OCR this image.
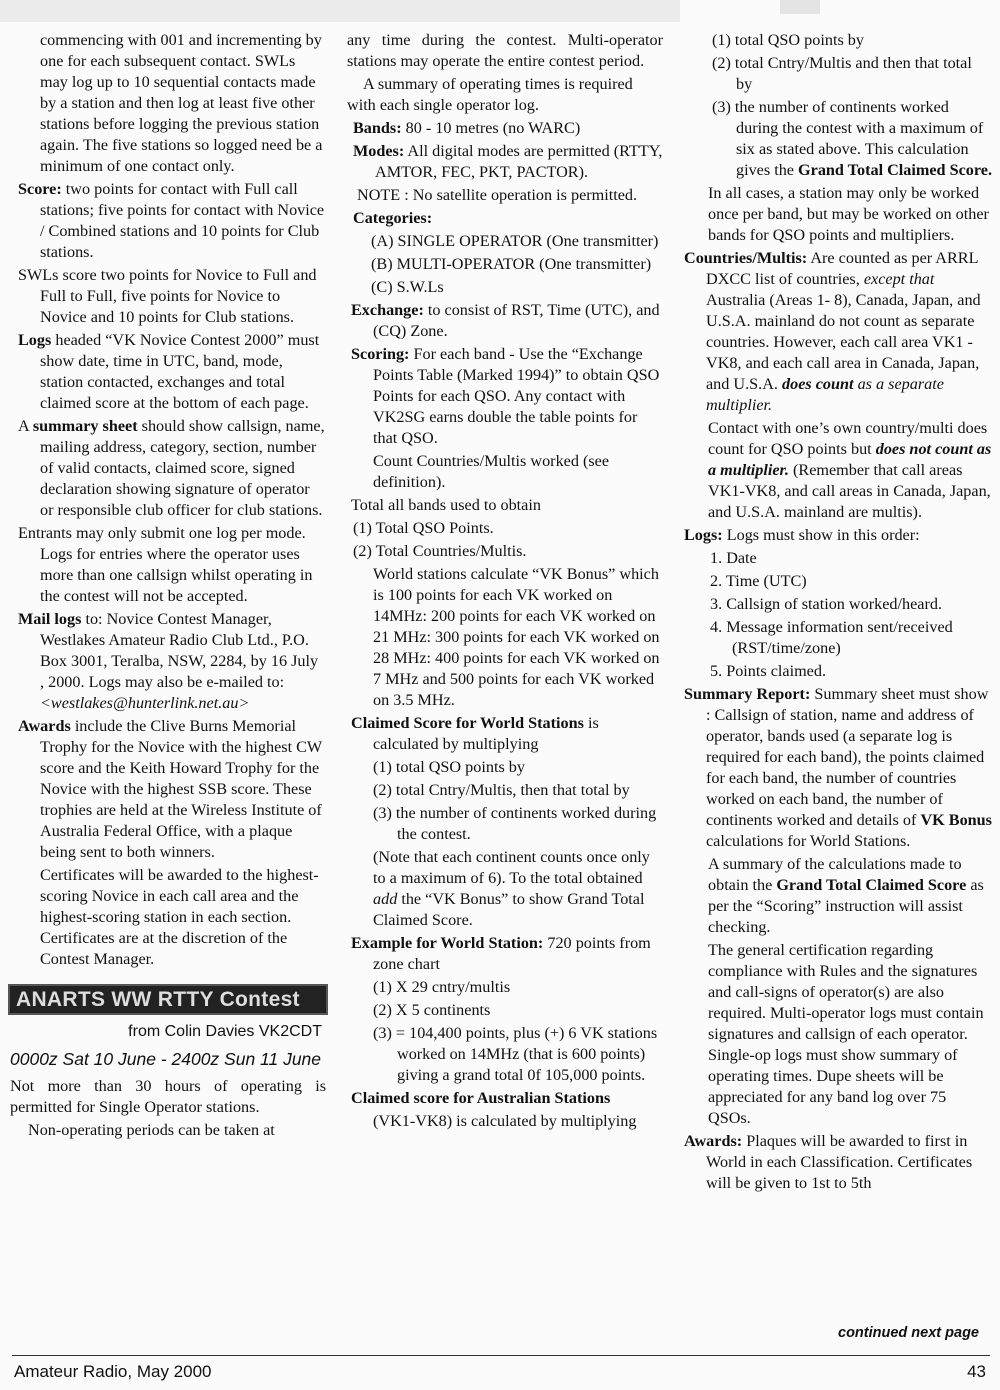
commencing with 001 and incrementing by one for each subsequent contact. SWLs may log up to 10 sequential contacts made by a station and then log at least five other stations before logging the previous station again. The five stations so logged need be a minimum of one contact only.

Score: two points for contact with Full call stations; five points for contact with Novice / Combined stations and 10 points for Club stations.

SWLs score two points for Novice to Full and Full to Full, five points for Novice to Novice and 10 points for Club stations.

Logs headed “VK Novice Contest 2000” must show date, time in UTC, band, mode, station contacted, exchanges and total claimed score at the bottom of each page.

A summary sheet should show callsign, name, mailing address, category, section, number of valid contacts, claimed score, signed declaration showing signature of operator or responsible club officer for club stations.

Entrants may only submit one log per mode. Logs for entries where the operator uses more than one callsign whilst operating in the contest will not be accepted.

Mail logs to: Novice Contest Manager, Westlakes Amateur Radio Club Ltd., P.O. Box 3001, Teralba, NSW, 2284, by 16 July , 2000. Logs may also be e-mailed to: <westlakes@hunterlink.net.au>

Awards include the Clive Burns Memorial Trophy for the Novice with the highest CW score and the Keith Howard Trophy for the Novice with the highest SSB score. These trophies are held at the Wireless Institute of Australia Federal Office, with a plaque being sent to both winners.

Certificates will be awarded to the highest-scoring Novice in each call area and the highest-scoring station in each section. Certificates are at the discretion of the Contest Manager.

ANARTS WW RTTY Contest
from Colin Davies VK2CDT
0000z Sat 10 June - 2400z Sun 11 June

Not more than 30 hours of operating is permitted for Single Operator stations.

Non-operating periods can be taken at

any time during the contest. Multi-operator stations may operate the entire contest period.

A summary of operating times is required with each single operator log.

Bands: 80 - 10 metres (no WARC)

Modes: All digital modes are permitted (RTTY, AMTOR, FEC, PKT, PACTOR).

NOTE : No satellite operation is permitted.

Categories:

(A) SINGLE OPERATOR (One transmitter)

(B) MULTI-OPERATOR (One transmitter)

(C) S.W.Ls

Exchange: to consist of RST, Time (UTC), and (CQ) Zone.

Scoring: For each band - Use the “Exchange Points Table (Marked 1994)” to obtain QSO Points for each QSO. Any contact with VK2SG earns double the table points for that QSO.

Count Countries/Multis worked (see definition).

Total all bands used to obtain

(1) Total QSO Points.

(2) Total Countries/Multis.

World stations calculate “VK Bonus” which is 100 points for each VK worked on 14MHz: 200 points for each VK worked on 21 MHz: 300 points for each VK worked on 28 MHz: 400 points for each VK worked on 7 MHz and 500 points for each VK worked on 3.5 MHz.

Claimed Score for World Stations is calculated by multiplying

(1) total QSO points by

(2) total Cntry/Multis, then that total by

(3) the number of continents worked during the contest.

(Note that each continent counts once only to a maximum of 6). To the total obtained add the “VK Bonus” to show Grand Total Claimed Score.

Example for World Station: 720 points from zone chart

(1) X 29 cntry/multis

(2) X 5 continents

(3) = 104,400 points, plus (+) 6 VK stations worked on 14MHz (that is 600 points) giving a grand total 0f 105,000 points.

Claimed score for Australian Stations

(VK1-VK8) is calculated by multiplying

(1) total QSO points by

(2) total Cntry/Multis and then that total by

(3) the number of continents worked during the contest with a maximum of six as stated above. This calculation gives the Grand Total Claimed Score.

In all cases, a station may only be worked once per band, but may be worked on other bands for QSO points and multipliers.

Countries/Multis: Are counted as per ARRL DXCC list of countries, except that Australia (Areas 1- 8), Canada, Japan, and U.S.A. mainland do not count as separate countries. However, each call area VK1 - VK8, and each call area in Canada, Japan, and U.S.A. does count as a separate multiplier.

Contact with one’s own country/multi does count for QSO points but does not count as a multiplier. (Remember that call areas VK1-VK8, and call areas in Canada, Japan, and U.S.A. mainland are multis).

Logs: Logs must show in this order:

1. Date

2. Time (UTC)

3. Callsign of station worked/heard.

4. Message information sent/received (RST/time/zone)

5. Points claimed.

Summary Report: Summary sheet must show : Callsign of station, name and address of operator, bands used (a separate log is required for each band), the points claimed for each band, the number of countries worked on each band, the number of continents worked and details of VK Bonus calculations for World Stations.

A summary of the calculations made to obtain the Grand Total Claimed Score as per the “Scoring” instruction will assist checking.

The general certification regarding compliance with Rules and the signatures and call-signs of operator(s) are also required. Multi-operator logs must contain signatures and callsign of each operator. Single-op logs must show summary of operating times. Dupe sheets will be appreciated for any band log over 75 QSOs.

Awards: Plaques will be awarded to first in World in each Classification. Certificates will be given to 1st to 5th

continued next page
Amateur Radio, May 2000	43
